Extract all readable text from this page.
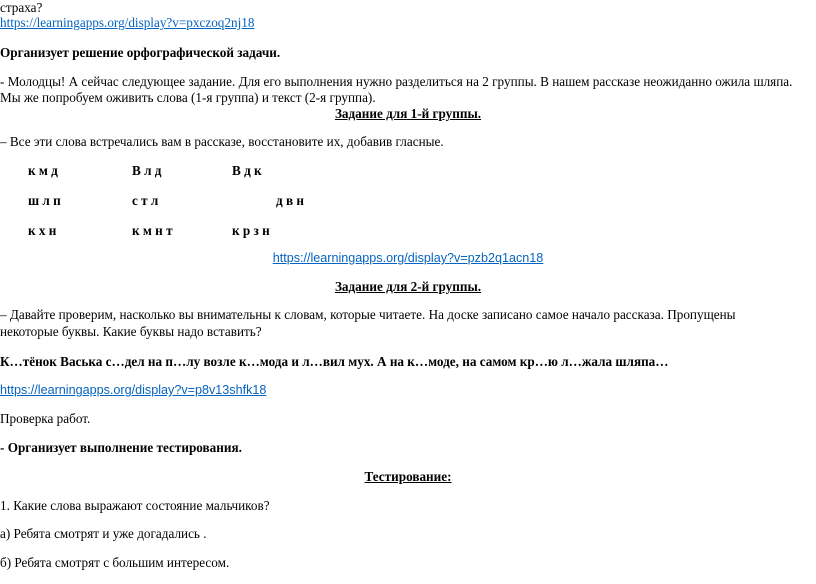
страха?
https://learningapps.org/display?v=pxczoq2nj18
Организует решение орфографической задачи.
- Молодцы! А сейчас следующее задание. Для его выполнения нужно разделиться на 2 группы. В нашем рассказе неожиданно ожила шляпа.
Мы же попробуем оживить слова (1-я группа) и текст (2-я группа).
Задание для 1-й группы.
– Все эти слова встречались вам в рассказе, восстановите их, добавив гласные.
к м д	В л д	В д к
ш л п	с т л	д в н
к х н	к м н т	к р з н
https://learningapps.org/display?v=pzb2q1acn18
Задание для 2-й группы.
– Давайте проверим, насколько вы внимательны к словам, которые читаете. На доске записано самое начало рассказа. Пропущены
некоторые буквы. Какие буквы надо вставить?
К…тёнок Васька с…дел на п…лу возле к…мода и л…вил мух. А на к…моде, на самом кр…ю л…жала шляпа…
https://learningapps.org/display?v=p8v13shfk18
Проверка работ.
- Организует выполнение тестирования.
Тестирование:
1. Какие слова выражают состояние мальчиков?
а) Ребята смотрят и уже догадались .
б) Ребята смотрят с большим интересом.
